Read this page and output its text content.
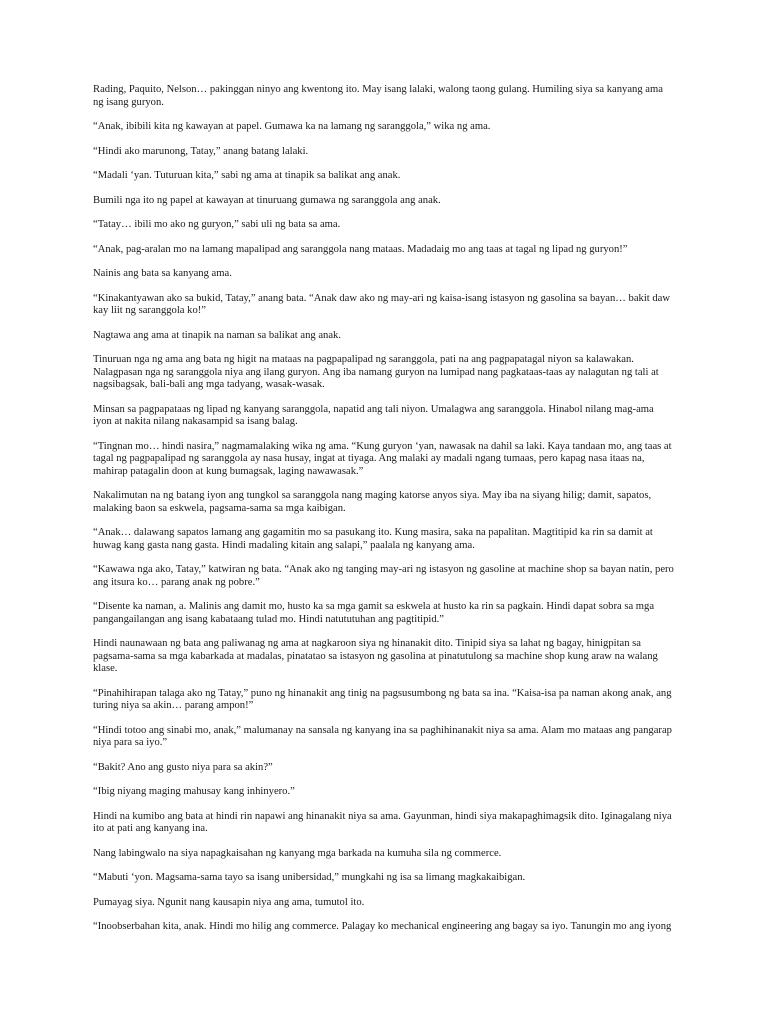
Rading, Paquito, Nelson… pakinggan ninyo ang kwentong ito. May isang lalaki, walong taong gulang. Humiling siya sa kanyang ama ng isang guryon.

“Anak, ibibili kita ng kawayan at papel. Gumawa ka na lamang ng saranggola,” wika ng ama.

“Hindi ako marunong, Tatay,” anang batang lalaki.

“Madali ‘yan. Tuturuan kita,” sabi ng ama at tinapik sa balikat ang anak.

Bumili nga ito ng papel at kawayan at tinuruang gumawa ng saranggola ang anak.

“Tatay… ibili mo ako ng guryon,” sabi uli ng bata sa ama.

“Anak, pag-aralan mo na lamang mapalipad ang saranggola nang mataas. Madadaig mo ang taas at tagal ng lipad ng guryon!”

Nainis ang bata sa kanyang ama.

“Kinakantyawan ako sa bukid, Tatay,” anang bata. “Anak daw ako ng may-ari ng kaisa-isang istasyon ng gasolina sa bayan… bakit daw kay liit ng saranggola ko!”

Nagtawa ang ama at tinapik na naman sa balikat ang anak.

Tinuruan nga ng ama ang bata ng higit na mataas na pagpapalipad ng saranggola, pati na ang pagpapatagal niyon sa kalawakan. Nalagpasan nga ng saranggola niya ang ilang guryon. Ang iba namang guryon na lumipad nang pagkataas-taas ay nalagutan ng tali at nagsibagsak, bali-bali ang mga tadyang, wasak-wasak.

Minsan sa pagpapataas ng lipad ng kanyang saranggola, napatid ang tali niyon. Umalagwa ang saranggola. Hinabol nilang mag-ama iyon at nakita nilang nakasampid sa isang balag.

“Tingnan mo… hindi nasira,” nagmamalaking wika ng ama. “Kung guryon ‘yan, nawasak na dahil sa laki. Kaya tandaan mo, ang taas at tagal ng pagpapalipad ng saranggola ay nasa husay, ingat at tiyaga. Ang malaki ay madali ngang tumaas, pero kapag nasa itaas na, mahirap patagalin doon at kung bumagsak, laging nawawasak.”

Nakalimutan na ng batang iyon ang tungkol sa saranggola nang maging katorse anyos siya. May iba na siyang hilig; damit, sapatos, malaking baon sa eskwela, pagsama-sama sa mga kaibigan.

“Anak… dalawang sapatos lamang ang gagamitin mo sa pasukang ito. Kung masira, saka na papalitan. Magtitipid ka rin sa damit at huwag kang gasta nang gasta. Hindi madaling kitain ang salapi,” paalala ng kanyang ama.

“Kawawa nga ako, Tatay,” katwiran ng bata. “Anak ako ng tanging may-ari ng istasyon ng gasoline at machine shop sa bayan natin, pero ang itsura ko… parang anak ng pobre.”

“Disente ka naman, a. Malinis ang damit mo, husto ka sa mga gamit sa eskwela at husto ka rin sa pagkain. Hindi dapat sobra sa mga pangangailangan ang isang kabataang tulad mo. Hindi natututuhan ang pagtitipid.”

Hindi naunawaan ng bata ang paliwanag ng ama at nagkaroon siya ng hinanakit dito. Tinipid siya sa lahat ng bagay, hinigpitan sa pagsama-sama sa mga kabarkada at madalas, pinatatao sa istasyon ng gasolina at pinatutulong sa machine shop kung araw na walang klase.

“Pinahihirapan talaga ako ng Tatay,” puno ng hinanakit ang tinig na pagsusumbong ng bata sa ina. “Kaisa-isa pa naman akong anak, ang turing niya sa akin… parang ampon!”

“Hindi totoo ang sinabi mo, anak,” malumanay na sansala ng kanyang ina sa paghihinanakit niya sa ama. Alam mo mataas ang pangarap niya para sa iyo.”

“Bakit? Ano ang gusto niya para sa akin?”

“Ibig niyang maging mahusay kang inhinyero.”

Hindi na kumibo ang bata at hindi rin napawi ang hinanakit niya sa ama. Gayunman, hindi siya makapaghimagsik dito. Iginagalang niya ito at pati ang kanyang ina.

Nang labingwalo na siya napagkaisahan ng kanyang mga barkada na kumuha sila ng commerce.

“Mabuti ‘yon. Magsama-sama tayo sa isang unibersidad,” mungkahi ng isa sa limang magkakaibigan.

Pumayag siya. Ngunit nang kausapin niya ang ama, tumutol ito.

“Inoobserbahan kita, anak. Hindi mo hilig ang commerce. Palagay ko mechanical engineering ang bagay sa iyo. Tanungin mo ang iyong
